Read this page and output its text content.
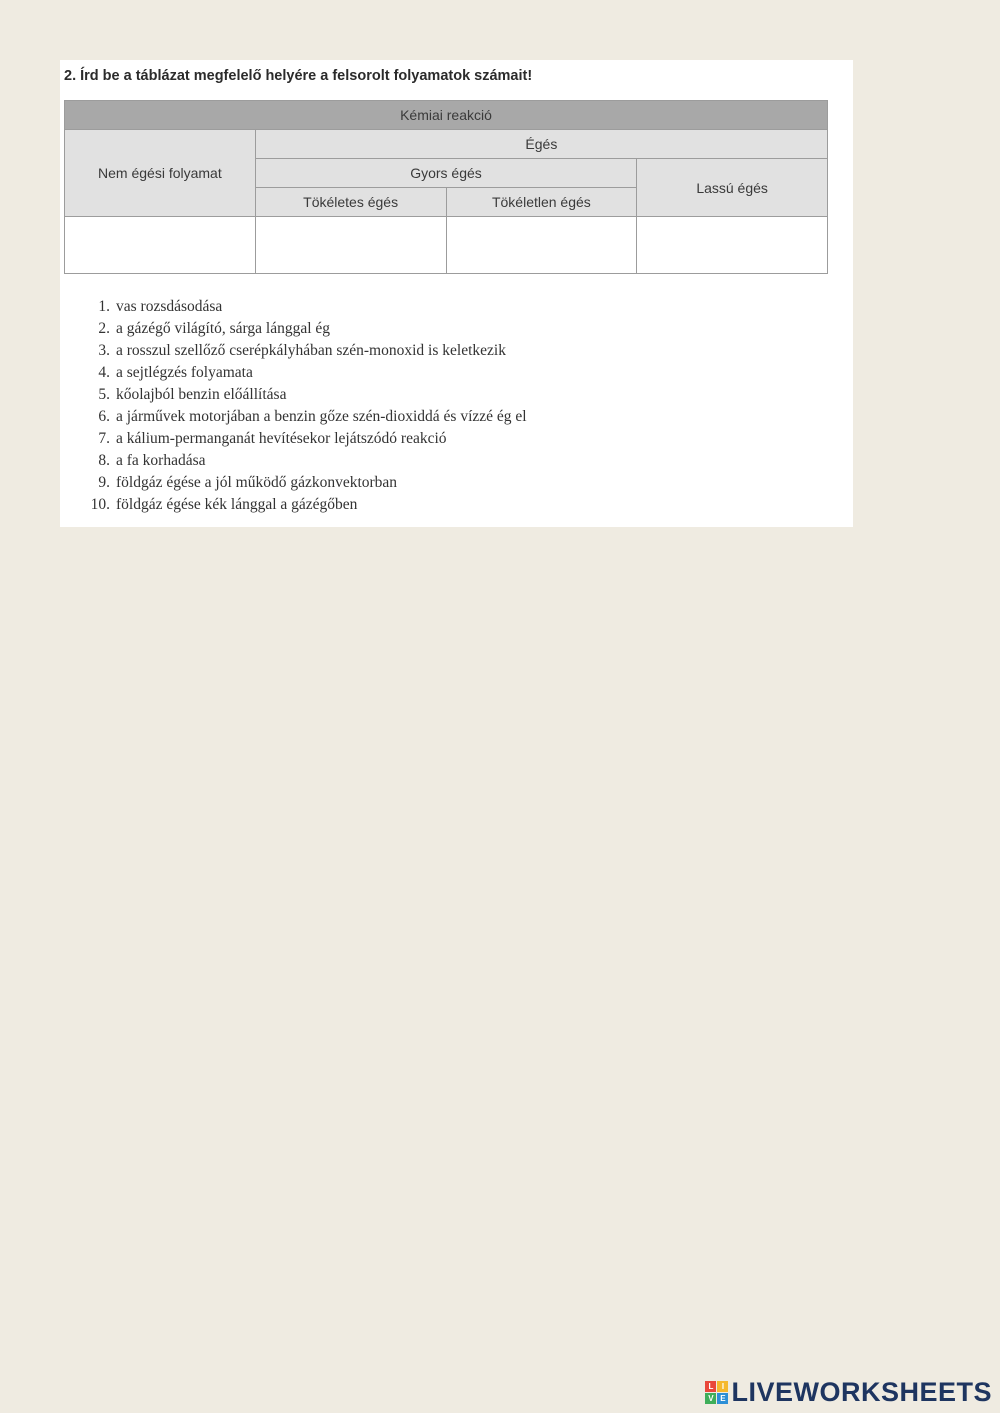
2. Írd be a táblázat megfelelő helyére a felsorolt folyamatok számait!
Kémiai reakció			
Nem égési folyamat	Égés		
	Gyors égés		Lassú égés
	Tökéletes égés	Tökéletlen égés	

1. vas rozsdásodása
2. a gázégő világító, sárga lánggal ég
3. a rosszul szellőző cserépkályhában szén-monoxid is keletkezik
4. a sejtlégzés folyamata
5. kőolajból benzin előállítása
6. a járművek motorjában a benzin gőze szén-dioxiddá és vízzé ég el
7. a kálium-permanganát hevítésekor lejátszódó reakció
8. a fa korhadása
9. földgáz égése a jól működő gázkonvektorban
10. földgáz égése kék lánggal a gázégőben
L	I
V E LIVEWORKSHEETS
